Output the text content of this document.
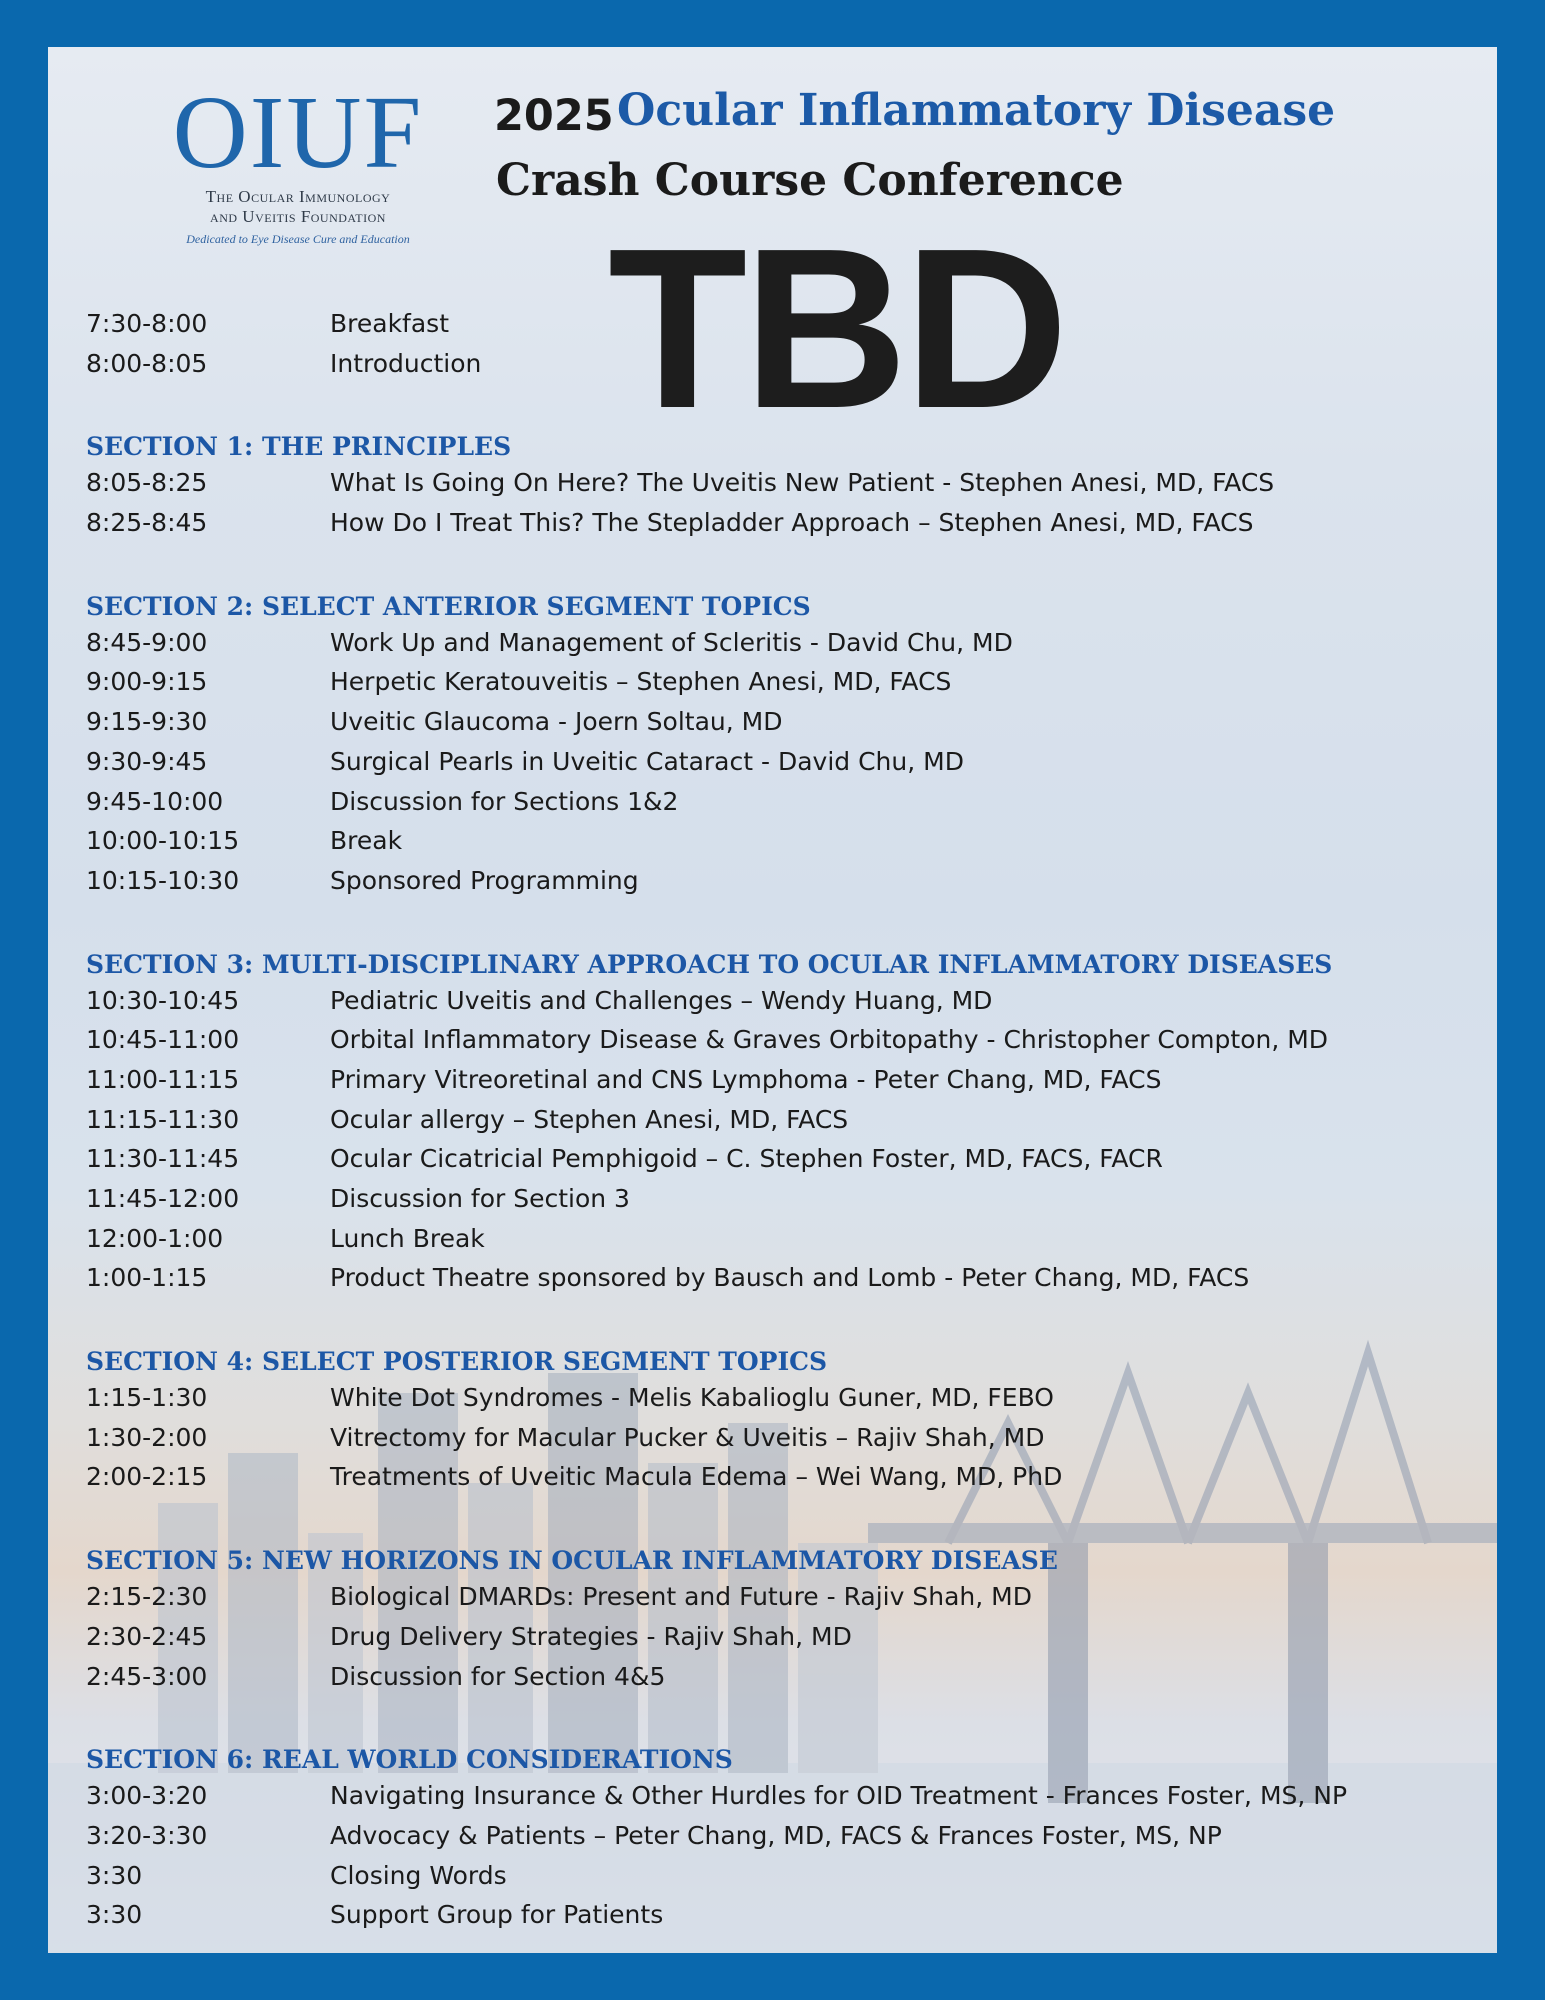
OIUF
The Ocular Immunology
and Uveitis Foundation
Dedicated to Eye Disease Cure and Education
2025 Ocular Inflammatory Disease
Crash Course Conference
TBD
7:30-8:00	Breakfast
8:00-8:05	Introduction
SECTION 1: THE PRINCIPLES
8:05-8:25	What Is Going On Here? The Uveitis New Patient - Stephen Anesi, MD, FACS
8:25-8:45	How Do I Treat This? The Stepladder Approach – Stephen Anesi, MD, FACS
SECTION 2: SELECT ANTERIOR SEGMENT TOPICS
8:45-9:00	Work Up and Management of Scleritis - David Chu, MD
9:00-9:15	Herpetic Keratouveitis – Stephen Anesi, MD, FACS
9:15-9:30	Uveitic Glaucoma - Joern Soltau, MD
9:30-9:45	Surgical Pearls in Uveitic Cataract - David Chu, MD
9:45-10:00	Discussion for Sections 1&2
10:00-10:15	Break
10:15-10:30	Sponsored Programming
SECTION 3: MULTI-DISCIPLINARY APPROACH TO OCULAR INFLAMMATORY DISEASES
10:30-10:45	Pediatric Uveitis and Challenges – Wendy Huang, MD
10:45-11:00	Orbital Inflammatory Disease & Graves Orbitopathy - Christopher Compton, MD
11:00-11:15	Primary Vitreoretinal and CNS Lymphoma - Peter Chang, MD, FACS
11:15-11:30	Ocular allergy – Stephen Anesi, MD, FACS
11:30-11:45	Ocular Cicatricial Pemphigoid – C. Stephen Foster, MD, FACS, FACR
11:45-12:00	Discussion for Section 3
12:00-1:00	Lunch Break
1:00-1:15	Product Theatre sponsored by Bausch and Lomb - Peter Chang, MD, FACS
SECTION 4: SELECT POSTERIOR SEGMENT TOPICS
1:15-1:30	White Dot Syndromes - Melis Kabalioglu Guner, MD, FEBO
1:30-2:00	Vitrectomy for Macular Pucker & Uveitis – Rajiv Shah, MD
2:00-2:15	Treatments of Uveitic Macula Edema – Wei Wang, MD, PhD
SECTION 5: NEW HORIZONS IN OCULAR INFLAMMATORY DISEASE
2:15-2:30	Biological DMARDs: Present and Future - Rajiv Shah, MD
2:30-2:45	Drug Delivery Strategies - Rajiv Shah, MD
2:45-3:00	Discussion for Section 4&5
SECTION 6: REAL WORLD CONSIDERATIONS
3:00-3:20	Navigating Insurance & Other Hurdles for OID Treatment - Frances Foster, MS, NP
3:20-3:30	Advocacy & Patients – Peter Chang, MD, FACS & Frances Foster, MS, NP
3:30	Closing Words
3:30	Support Group for Patients
